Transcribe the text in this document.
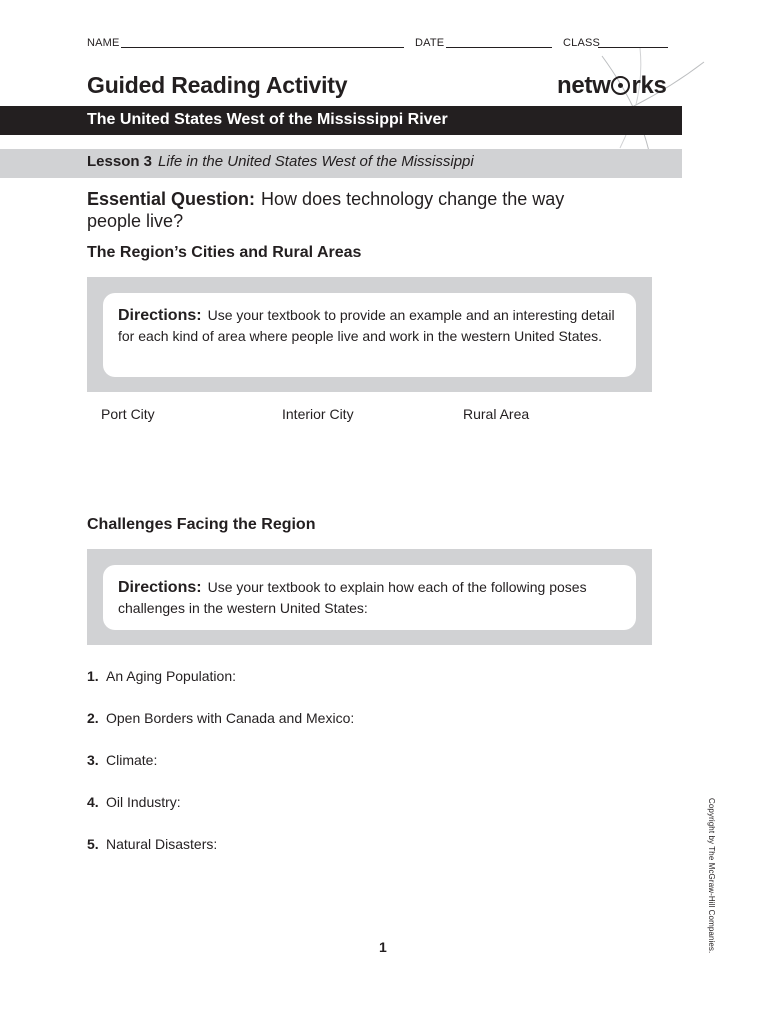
NAME	DATE	CLASS
Guided Reading Activity	netw rks
The United States West of the Mississippi River
Lesson 3 Life in the United States West of the Mississippi
Essential Question: How does technology change the way people live?
The Region’s Cities and Rural Areas
Directions: Use your textbook to provide an example and an interesting detail for each kind of area where people live and work in the western United States.
Port City	Interior City	Rural Area
Challenges Facing the Region
Directions: Use your textbook to explain how each of the following poses challenges in the western United States:
1. An Aging Population:
2. Open Borders with Canada and Mexico:
3. Climate:
4. Oil Industry:
5. Natural Disasters:
1	Copyright by The McGraw-Hill Companies.
